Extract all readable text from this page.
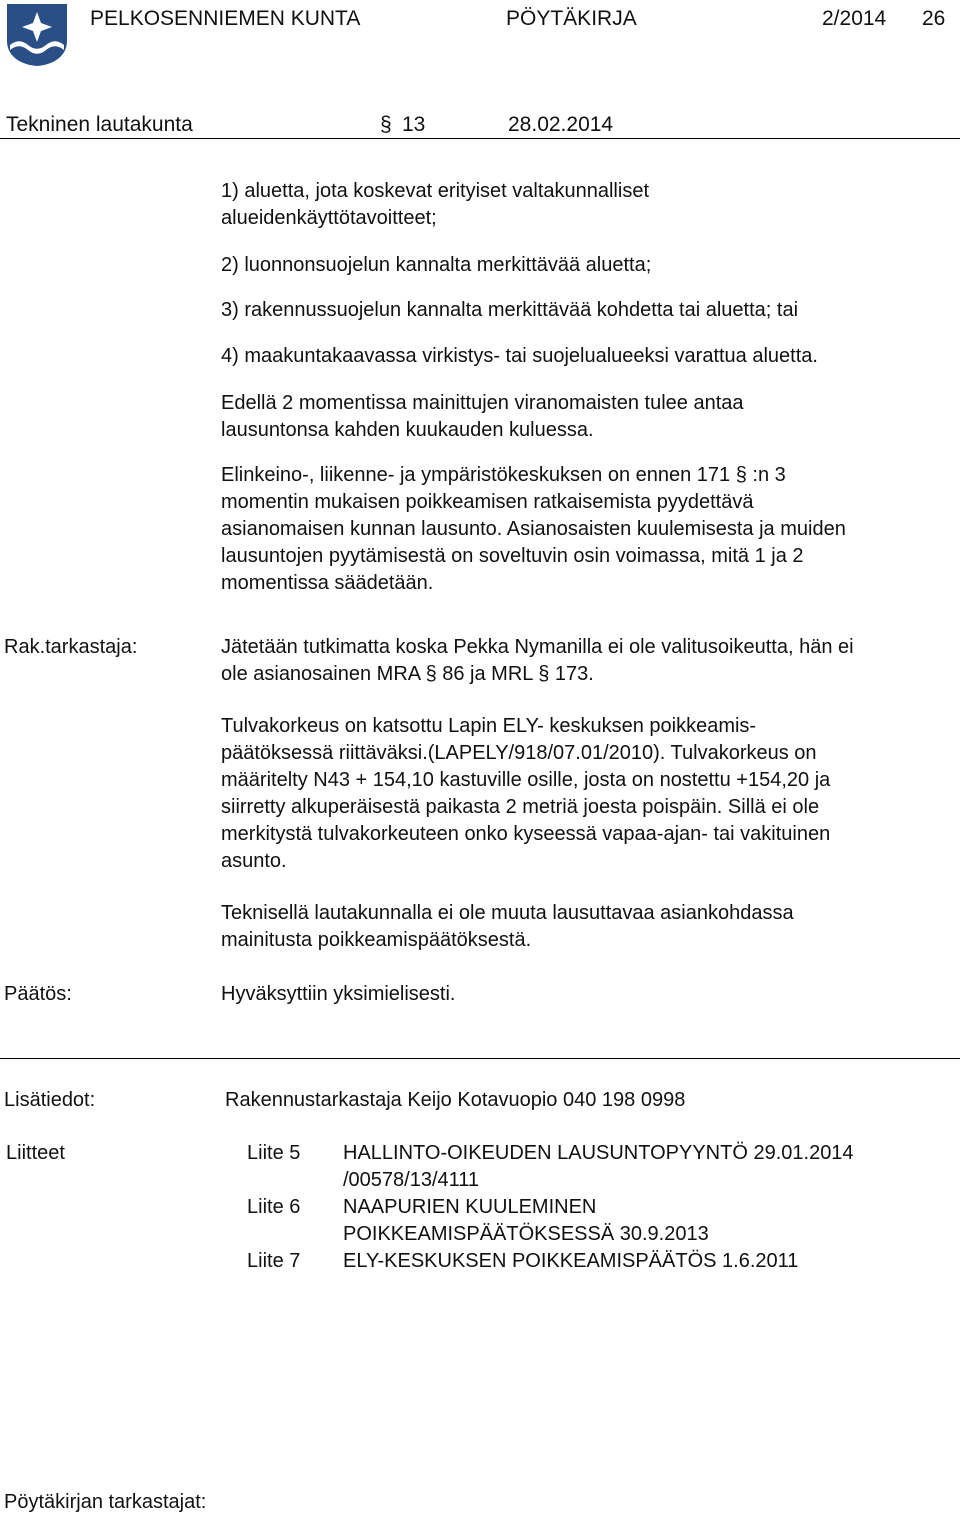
PELKOSENNIEMEN KUNTA	PÖYTÄKIRJA	2/2014 26
Tekninen lautakunta	§ 13	28.02.2014
1) aluetta, jota koskevat erityiset valtakunnalliset
alueidenkäyttötavoitteet;
2) luonnonsuojelun kannalta merkittävää aluetta;
3) rakennussuojelun kannalta merkittävää kohdetta tai aluetta; tai
4) maakuntakaavassa virkistys- tai suojelualueeksi varattua aluetta.
Edellä 2 momentissa mainittujen viranomaisten tulee antaa
lausuntonsa kahden kuukauden kuluessa.
Elinkeino-, liikenne- ja ympäristökeskuksen on ennen 171 § :n 3
momentin mukaisen poikkeamisen ratkaisemista pyydettävä
asianomaisen kunnan lausunto. Asianosaisten kuulemisesta ja muiden
lausuntojen pyytämisestä on soveltuvin osin voimassa, mitä 1 ja 2
momentissa säädetään.
Rak.tarkastaja:	Jätetään tutkimatta koska Pekka Nymanilla ei ole valitusoikeutta, hän ei
ole asianosainen MRA § 86 ja MRL § 173.
Tulvakorkeus on katsottu Lapin ELY- keskuksen poikkeamis-
päätöksessä riittäväksi.(LAPELY/918/07.01/2010). Tulvakorkeus on
määritelty N43 + 154,10 kastuville osille, josta on nostettu +154,20 ja
siirretty alkuperäisestä paikasta 2 metriä joesta poispäin. Sillä ei ole
merkitystä tulvakorkeuteen onko kyseessä vapaa-ajan- tai vakituinen
asunto.
Teknisellä lautakunnalla ei ole muuta lausuttavaa asiankohdassa
mainitusta poikkeamispäätöksestä.
Päätös:	Hyväksyttiin yksimielisesti.
Lisätiedot:	Rakennustarkastaja Keijo Kotavuopio 040 198 0998
Liitteet	Liite 5 HALLINTO-OIKEUDEN LAUSUNTOPYYNTÖ 29.01.2014
/00578/13/4111
Liite 6 NAAPURIEN KUULEMINEN
POIKKEAMISPÄÄTÖKSESSÄ 30.9.2013
Liite 7 ELY-KESKUKSEN POIKKEAMISPÄÄTÖS 1.6.2011
Pöytäkirjan tarkastajat:
